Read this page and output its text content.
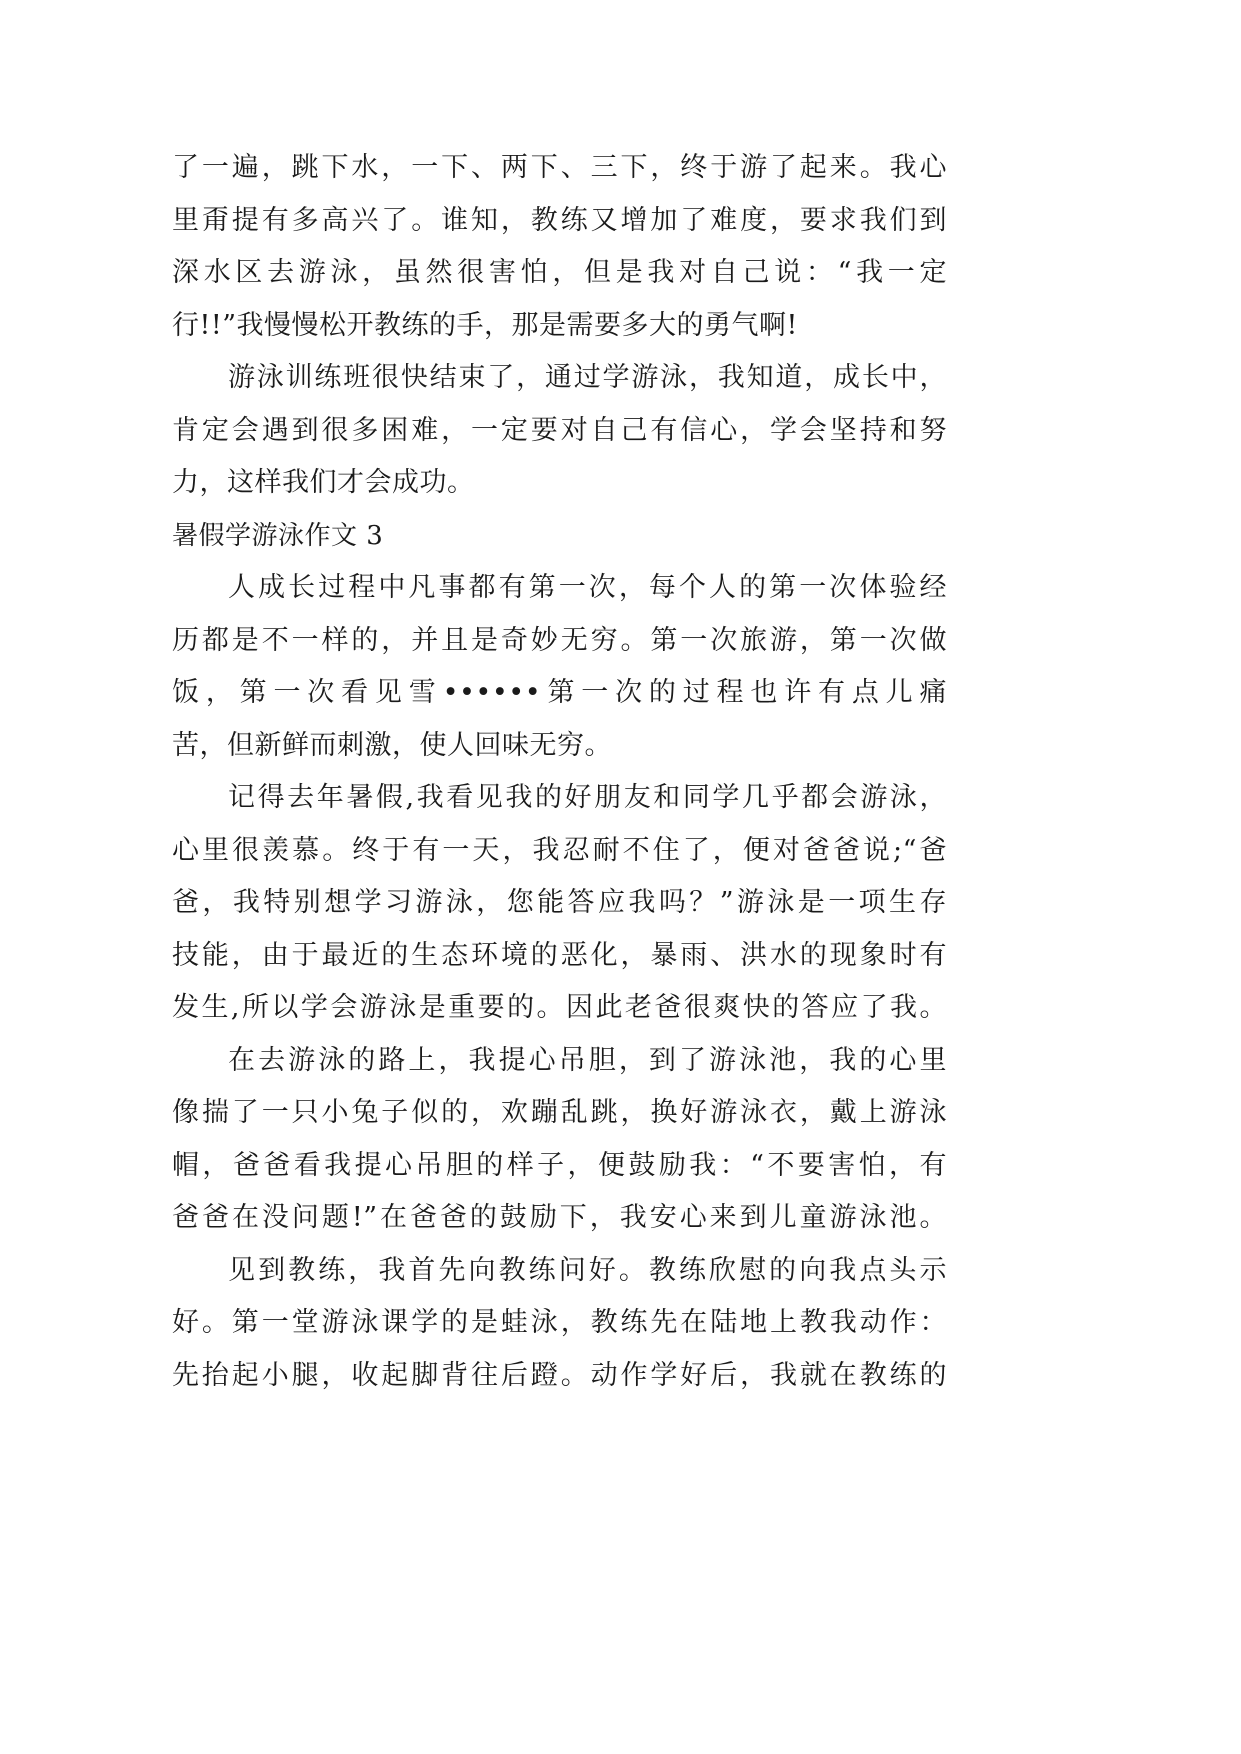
了一遍，跳下水，一下、两下、三下，终于游了起来。我心
里甭提有多高兴了。谁知，教练又增加了难度，要求我们到
深水区去游泳，虽然很害怕，但是我对自己说：“我一定
行!!”我慢慢松开教练的手，那是需要多大的勇气啊!
游泳训练班很快结束了，通过学游泳，我知道，成长中，
肯定会遇到很多困难，一定要对自己有信心，学会坚持和努
力，这样我们才会成功。
暑假学游泳作文 3
人成长过程中凡事都有第一次，每个人的第一次体验经
历都是不一样的，并且是奇妙无穷。第一次旅游，第一次做
饭，第一次看见雪••••••第一次的过程也许有点儿痛
苦，但新鲜而刺激，使人回味无穷。
记得去年暑假,我看见我的好朋友和同学几乎都会游泳，
心里很羡慕。终于有一天，我忍耐不住了，便对爸爸说;“爸
爸，我特别想学习游泳，您能答应我吗？”游泳是一项生存
技能，由于最近的生态环境的恶化，暴雨、洪水的现象时有
发生,所以学会游泳是重要的。因此老爸很爽快的答应了我。
在去游泳的路上，我提心吊胆，到了游泳池，我的心里
像揣了一只小兔子似的，欢蹦乱跳，换好游泳衣，戴上游泳
帽，爸爸看我提心吊胆的样子，便鼓励我：“不要害怕，有
爸爸在没问题!”在爸爸的鼓励下，我安心来到儿童游泳池。
见到教练，我首先向教练问好。教练欣慰的向我点头示
好。第一堂游泳课学的是蛙泳，教练先在陆地上教我动作：
先抬起小腿，收起脚背往后蹬。动作学好后，我就在教练的
